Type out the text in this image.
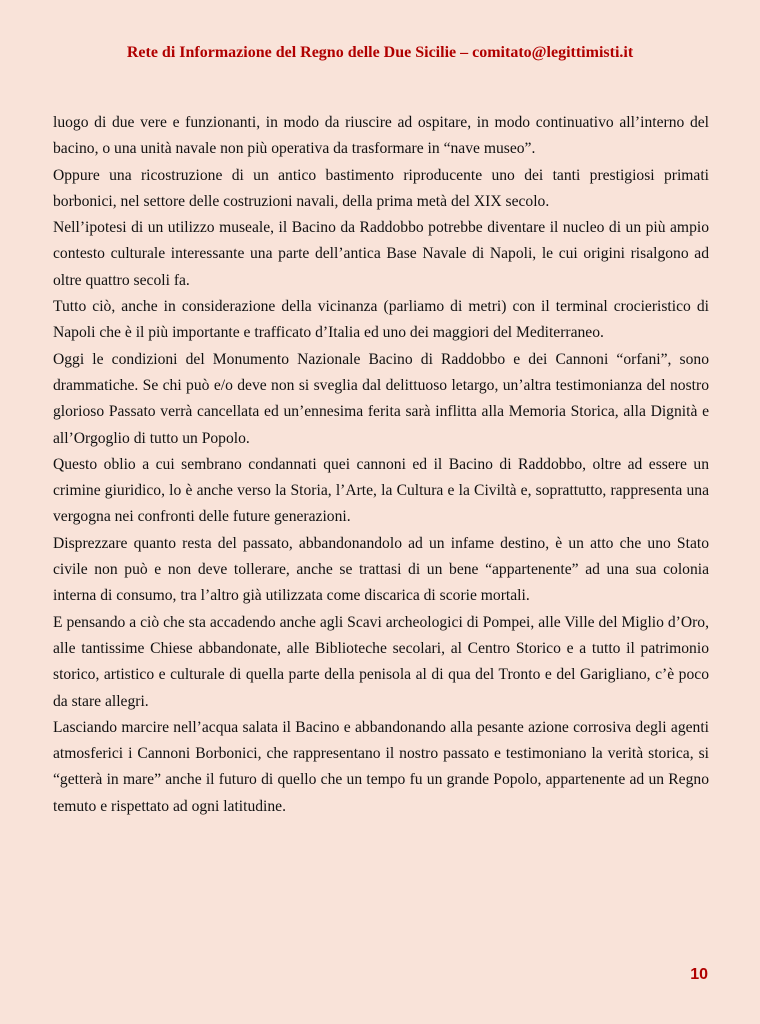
Rete di Informazione del Regno delle Due Sicilie – comitato@legittimisti.it

luogo di due vere e funzionanti, in modo da riuscire ad ospitare, in modo continuativo all’interno del bacino, o una unità navale non più operativa da trasformare in “nave museo”.

Oppure una ricostruzione di un antico bastimento riproducente uno dei tanti prestigiosi primati borbonici, nel settore delle costruzioni navali, della prima metà del XIX secolo.

Nell’ipotesi di un utilizzo museale, il Bacino da Raddobbo potrebbe diventare il nucleo di un più ampio contesto culturale interessante una parte dell’antica Base Navale di Napoli, le cui origini risalgono ad oltre quattro secoli fa.

Tutto ciò, anche in considerazione della vicinanza (parliamo di metri) con il terminal crocieristico di Napoli che è il più importante e trafficato d’Italia ed uno dei maggiori del Mediterraneo.

Oggi le condizioni del Monumento Nazionale Bacino di Raddobbo e dei Cannoni “orfani”, sono drammatiche. Se chi può e/o deve non si sveglia dal delittuoso letargo, un’altra testimonianza del nostro glorioso Passato verrà cancellata ed un’ennesima ferita sarà inflitta alla Memoria Storica, alla Dignità e all’Orgoglio di tutto un Popolo.

Questo oblio a cui sembrano condannati quei cannoni ed il Bacino di Raddobbo, oltre ad essere un crimine giuridico, lo è anche verso la Storia, l’Arte, la Cultura e la Civiltà e, soprattutto, rappresenta una vergogna nei confronti delle future generazioni.

Disprezzare quanto resta del passato, abbandonandolo ad un infame destino, è un atto che uno Stato civile non può e non deve tollerare, anche se trattasi di un bene “appartenente” ad una sua colonia interna di consumo, tra l’altro già utilizzata come discarica di scorie mortali.

E pensando a ciò che sta accadendo anche agli Scavi archeologici di Pompei, alle Ville del Miglio d’Oro, alle tantissime Chiese abbandonate, alle Biblioteche secolari, al Centro Storico e a tutto il patrimonio storico, artistico e culturale di quella parte della penisola al di qua del Tronto e del Garigliano, c’è poco da stare allegri.

Lasciando marcire nell’acqua salata il Bacino e abbandonando alla pesante azione corrosiva degli agenti atmosferici i Cannoni Borbonici, che rappresentano il nostro passato e testimoniano la verità storica, si “getterà in mare” anche il futuro di quello che un tempo fu un grande Popolo, appartenente ad un Regno temuto e rispettato ad ogni latitudine.

10
